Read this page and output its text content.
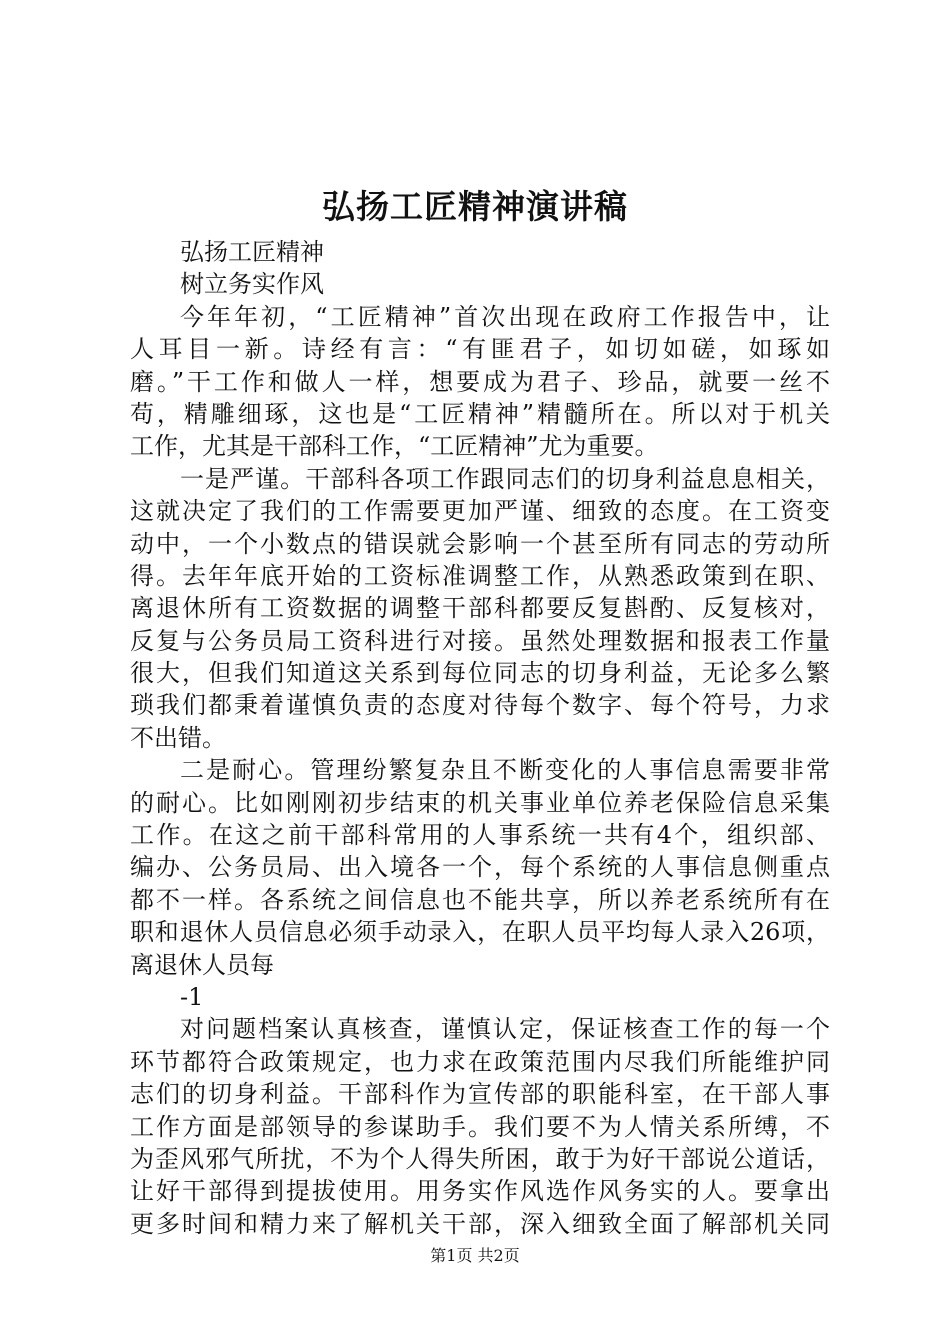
弘扬工匠精神演讲稿

弘扬工匠精神

树立务实作风

今年年初，“工匠精神”首次出现在政府工作报告中，让

人耳目一新。诗经有言：“有匪君子，如切如磋，如琢如

磨。”干工作和做人一样，想要成为君子、珍品，就要一丝不

苟，精雕细琢，这也是“工匠精神”精髓所在。所以对于机关

工作，尤其是干部科工作，“工匠精神”尤为重要。

一是严谨。干部科各项工作跟同志们的切身利益息息相关，

这就决定了我们的工作需要更加严谨、细致的态度。在工资变

动中，一个小数点的错误就会影响一个甚至所有同志的劳动所

得。去年年底开始的工资标准调整工作，从熟悉政策到在职、

离退休所有工资数据的调整干部科都要反复斟酌、反复核对，

反复与公务员局工资科进行对接。虽然处理数据和报表工作量

很大，但我们知道这关系到每位同志的切身利益，无论多么繁

琐我们都秉着谨慎负责的态度对待每个数字、每个符号，力求

不出错。

二是耐心。管理纷繁复杂且不断变化的人事信息需要非常

的耐心。比如刚刚初步结束的机关事业单位养老保险信息采集

工作。在这之前干部科常用的人事系统一共有4个，组织部、

编办、公务员局、出入境各一个，每个系统的人事信息侧重点

都不一样。各系统之间信息也不能共享，所以养老系统所有在

职和退休人员信息必须手动录入，在职人员平均每人录入26项，

离退休人员每

-1

对问题档案认真核查，谨慎认定，保证核查工作的每一个

环节都符合政策规定，也力求在政策范围内尽我们所能维护同

志们的切身利益。干部科作为宣传部的职能科室，在干部人事

工作方面是部领导的参谋助手。我们要不为人情关系所缚，不

为歪风邪气所扰，不为个人得失所困，敢于为好干部说公道话，

让好干部得到提拔使用。用务实作风选作风务实的人。要拿出

更多时间和精力来了解机关干部，深入细致全面了解部机关同

第1页 共2页
